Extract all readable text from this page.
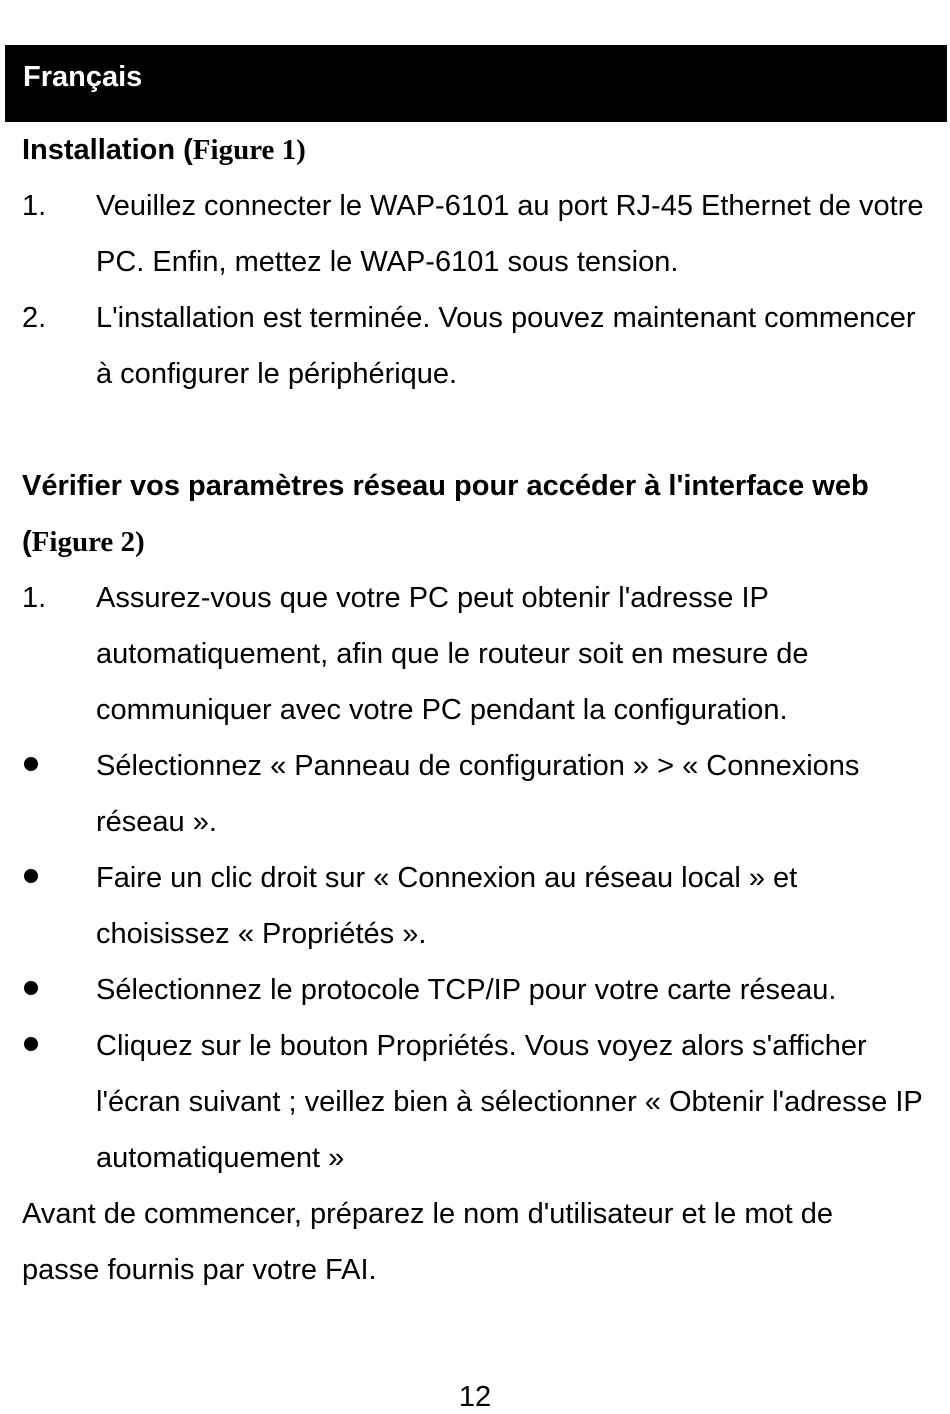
Français
Installation (Figure 1)
1.	Veuillez connecter le WAP-6101 au port RJ-45 Ethernet de votre PC. Enfin, mettez le WAP-6101 sous tension.
2.	L'installation est terminée. Vous pouvez maintenant commencer à configurer le périphérique.
Vérifier vos paramètres réseau pour accéder à l'interface web
(Figure 2)
1.	Assurez-vous que votre PC peut obtenir l'adresse IP automatiquement, afin que le routeur soit en mesure de communiquer avec votre PC pendant la configuration.
Sélectionnez « Panneau de configuration » > « Connexions réseau ».
Faire un clic droit sur « Connexion au réseau local » et choisissez « Propriétés ».
Sélectionnez le protocole TCP/IP pour votre carte réseau.
Cliquez sur le bouton Propriétés. Vous voyez alors s'afficher l'écran suivant ; veillez bien à sélectionner « Obtenir l'adresse IP automatiquement »
Avant de commencer, préparez le nom d'utilisateur et le mot de passe fournis par votre FAI.
12
